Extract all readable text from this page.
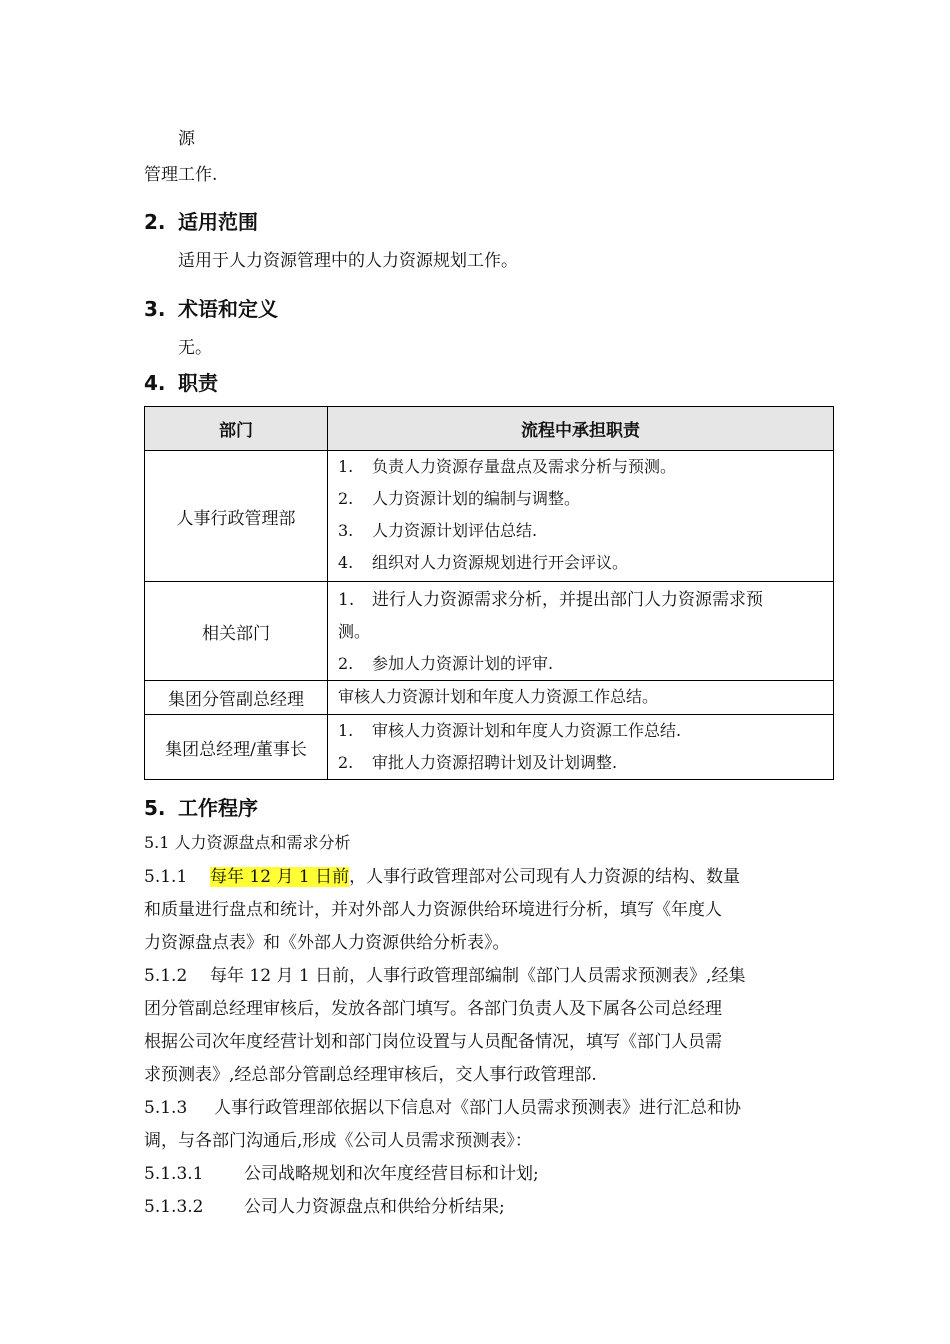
源
管理工作.
2. 适用范围
适用于人力资源管理中的人力资源规划工作。
3. 术语和定义
无。
4. 职责
部门	流程中承担职责
人事行政管理部
1. 负责人力资源存量盘点及需求分析与预测。
2. 人力资源计划的编制与调整。
3. 人力资源计划评估总结.
4. 组织对人力资源规划进行开会评议。
相关部门
1. 进行人力资源需求分析，并提出部门人力资源需求预
测。
2. 参加人力资源计划的评审.
集团分管副总经理	审核人力资源计划和年度人力资源工作总结。
集团总经理/董事长
1. 审核人力资源计划和年度人力资源工作总结.
2. 审批人力资源招聘计划及计划调整.
5. 工作程序
5.1 人力资源盘点和需求分析
5.1.1 每年 12 月 1 日前，人事行政管理部对公司现有人力资源的结构、数量
和质量进行盘点和统计，并对外部人力资源供给环境进行分析，填写《年度人
力资源盘点表》和《外部人力资源供给分析表》。
5.1.2 每年 12 月 1 日前，人事行政管理部编制《部门人员需求预测表》,经集
团分管副总经理审核后，发放各部门填写。各部门负责人及下属各公司总经理
根据公司次年度经营计划和部门岗位设置与人员配备情况，填写《部门人员需
求预测表》,经总部分管副总经理审核后，交人事行政管理部.
5.1.3 人事行政管理部依据以下信息对《部门人员需求预测表》进行汇总和协
调，与各部门沟通后,形成《公司人员需求预测表》：
5.1.3.1 公司战略规划和次年度经营目标和计划;
5.1.3.2 公司人力资源盘点和供给分析结果;
